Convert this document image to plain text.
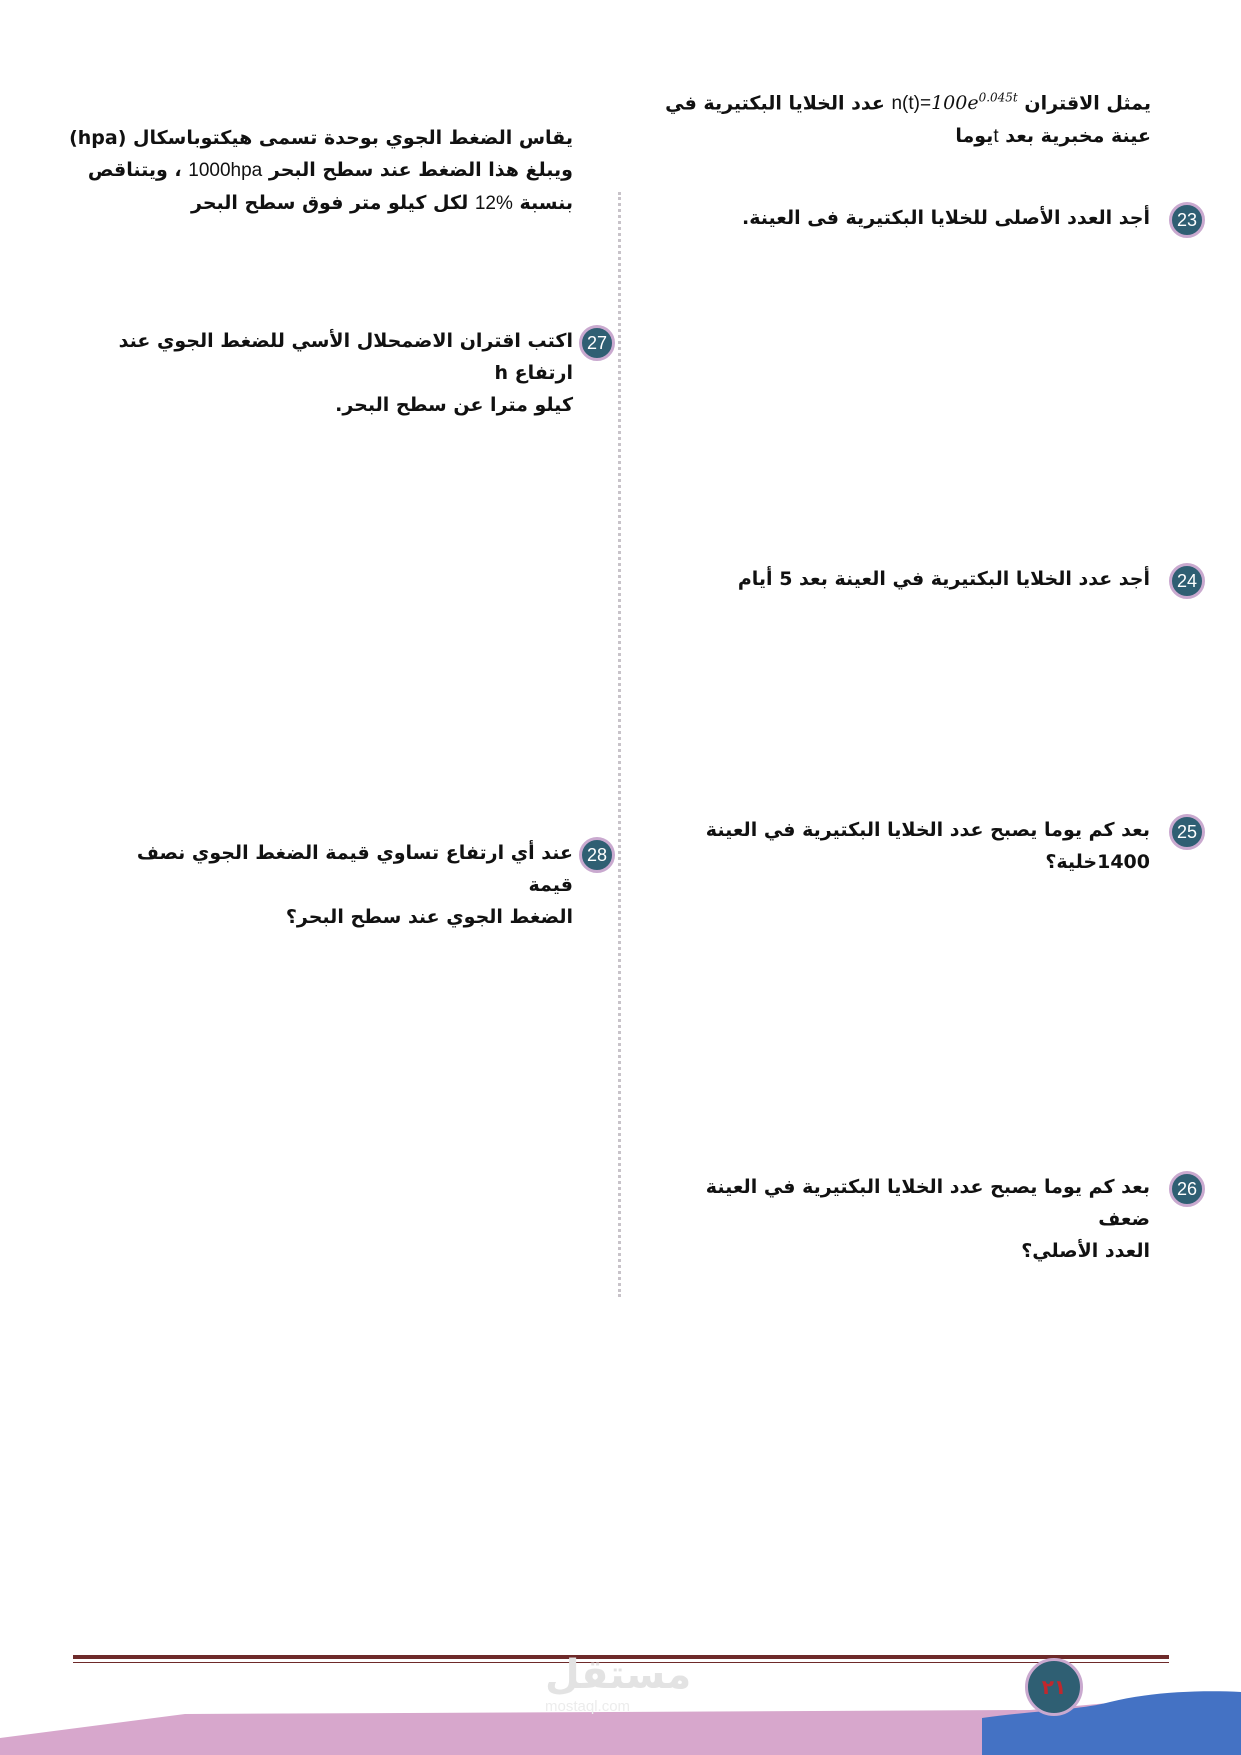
يمثل الاقتران $n(t)=100e^{0.045t}$ عدد الخلايا البكتيرية في
عينة مخبرية بعد tيوما
يقاس الضغط الجوي بوحدة تسمى هيكتوباسكال (hpa)
ويبلغ هذا الضغط عند سطح البحر 1000hpa ، ويتناقص
بنسبة 12% لكل كيلو متر فوق سطح البحر
23
أجد العدد الأصلى للخلايا البكتيرية فى العينة.
24
أجد عدد الخلايا البكتيرية في العينة بعد 5 أيام
25
بعد كم يوما يصبح عدد الخلايا البكتيرية في العينة
1400خلية؟
26
بعد كم يوما يصبح عدد الخلايا البكتيرية في العينة ضعف
العدد الأصلي؟
27
اكتب اقتران الاضمحلال الأسي للضغط الجوي عند ارتفاع h
كيلو مترا عن سطح البحر.
28
عند أي ارتفاع تساوي قيمة الضغط الجوي نصف قيمة
الضغط الجوي عند سطح البحر؟
مستقل
mostaql.com
٢١
